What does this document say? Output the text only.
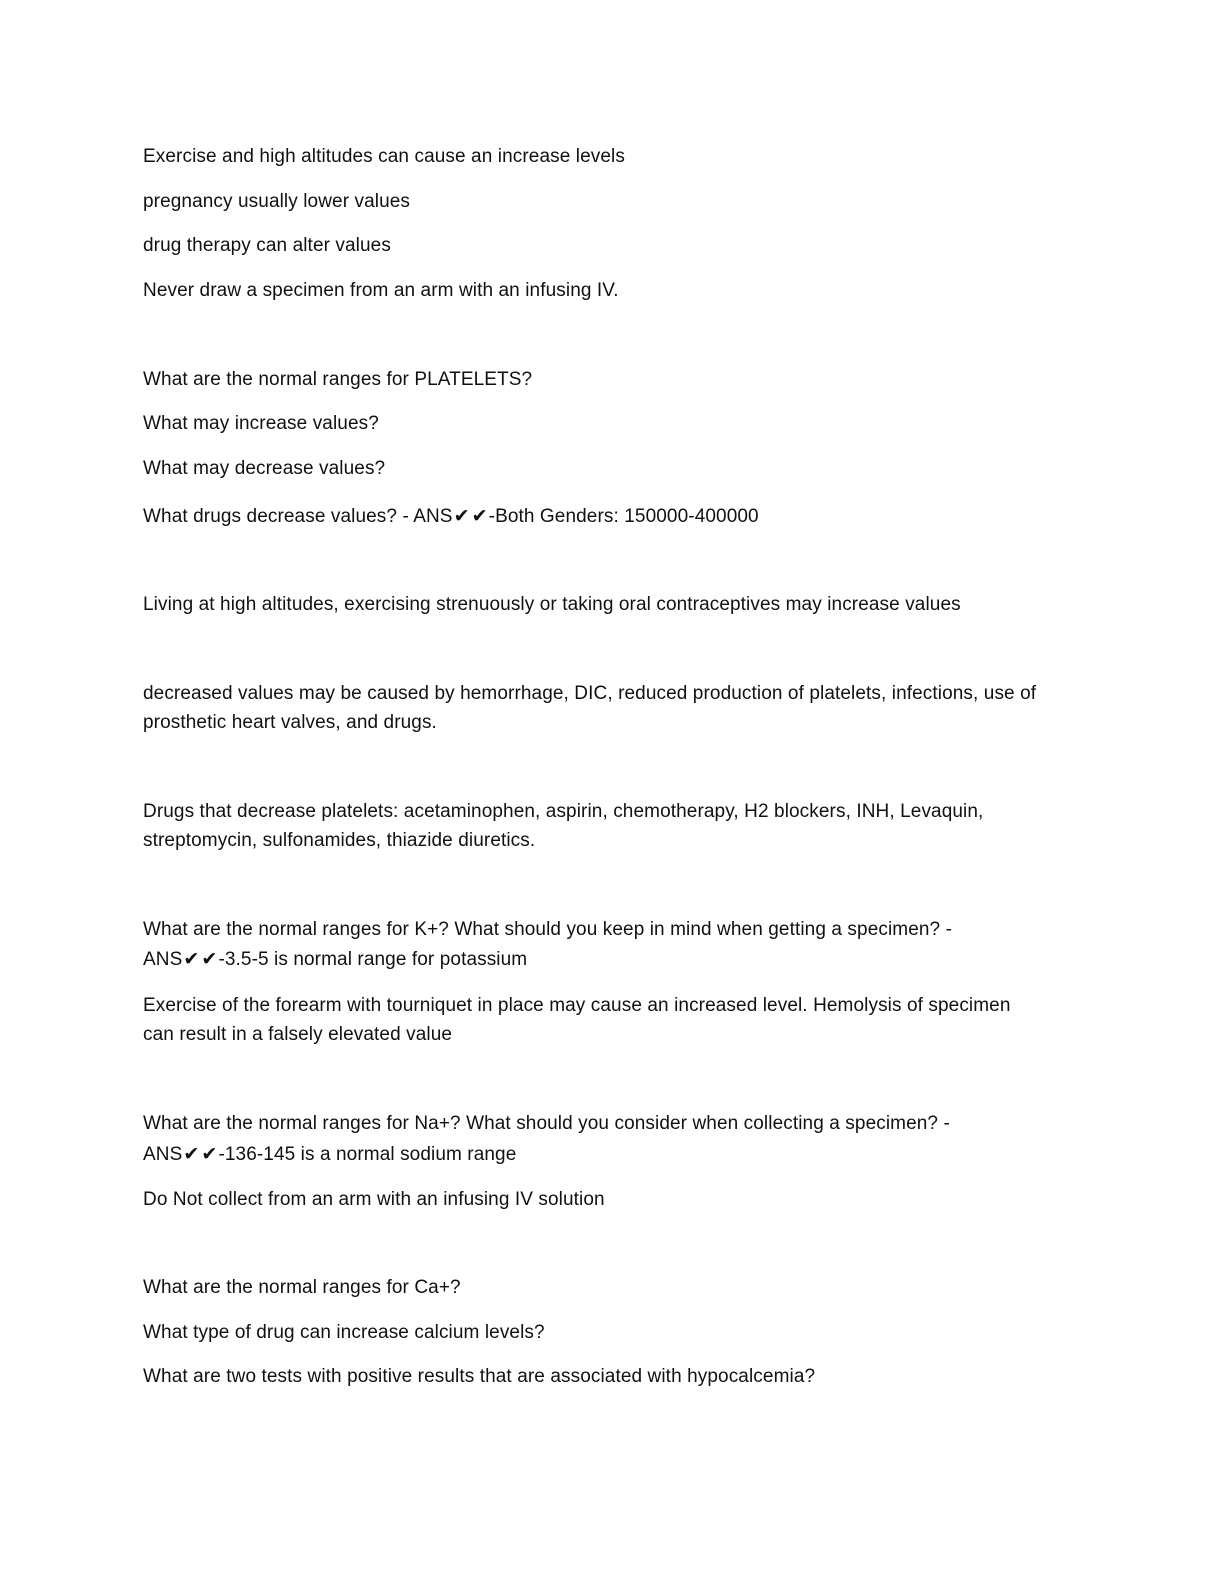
Exercise and high altitudes can cause an increase levels
pregnancy usually lower values
drug therapy can alter values
Never draw a specimen from an arm with an infusing IV.
What are the normal ranges for PLATELETS?
What may increase values?
What may decrease values?
What drugs decrease values? - ANS✔ ✔-Both Genders: 150000-400000
Living at high altitudes, exercising strenuously or taking oral contraceptives may increase values
decreased values may be caused by hemorrhage, DIC, reduced production of platelets, infections, use of
prosthetic heart valves, and drugs.
Drugs that decrease platelets: acetaminophen, aspirin, chemotherapy, H2 blockers, INH, Levaquin,
streptomycin, sulfonamides, thiazide diuretics.
What are the normal ranges for K+? What should you keep in mind when getting a specimen? -
ANS✔ ✔-3.5-5 is normal range for potassium
Exercise of the forearm with tourniquet in place may cause an increased level. Hemolysis of specimen
can result in a falsely elevated value
What are the normal ranges for Na+? What should you consider when collecting a specimen? -
ANS✔ ✔-136-145 is a normal sodium range
Do Not collect from an arm with an infusing IV solution
What are the normal ranges for Ca+?
What type of drug can increase calcium levels?
What are two tests with positive results that are associated with hypocalcemia?
